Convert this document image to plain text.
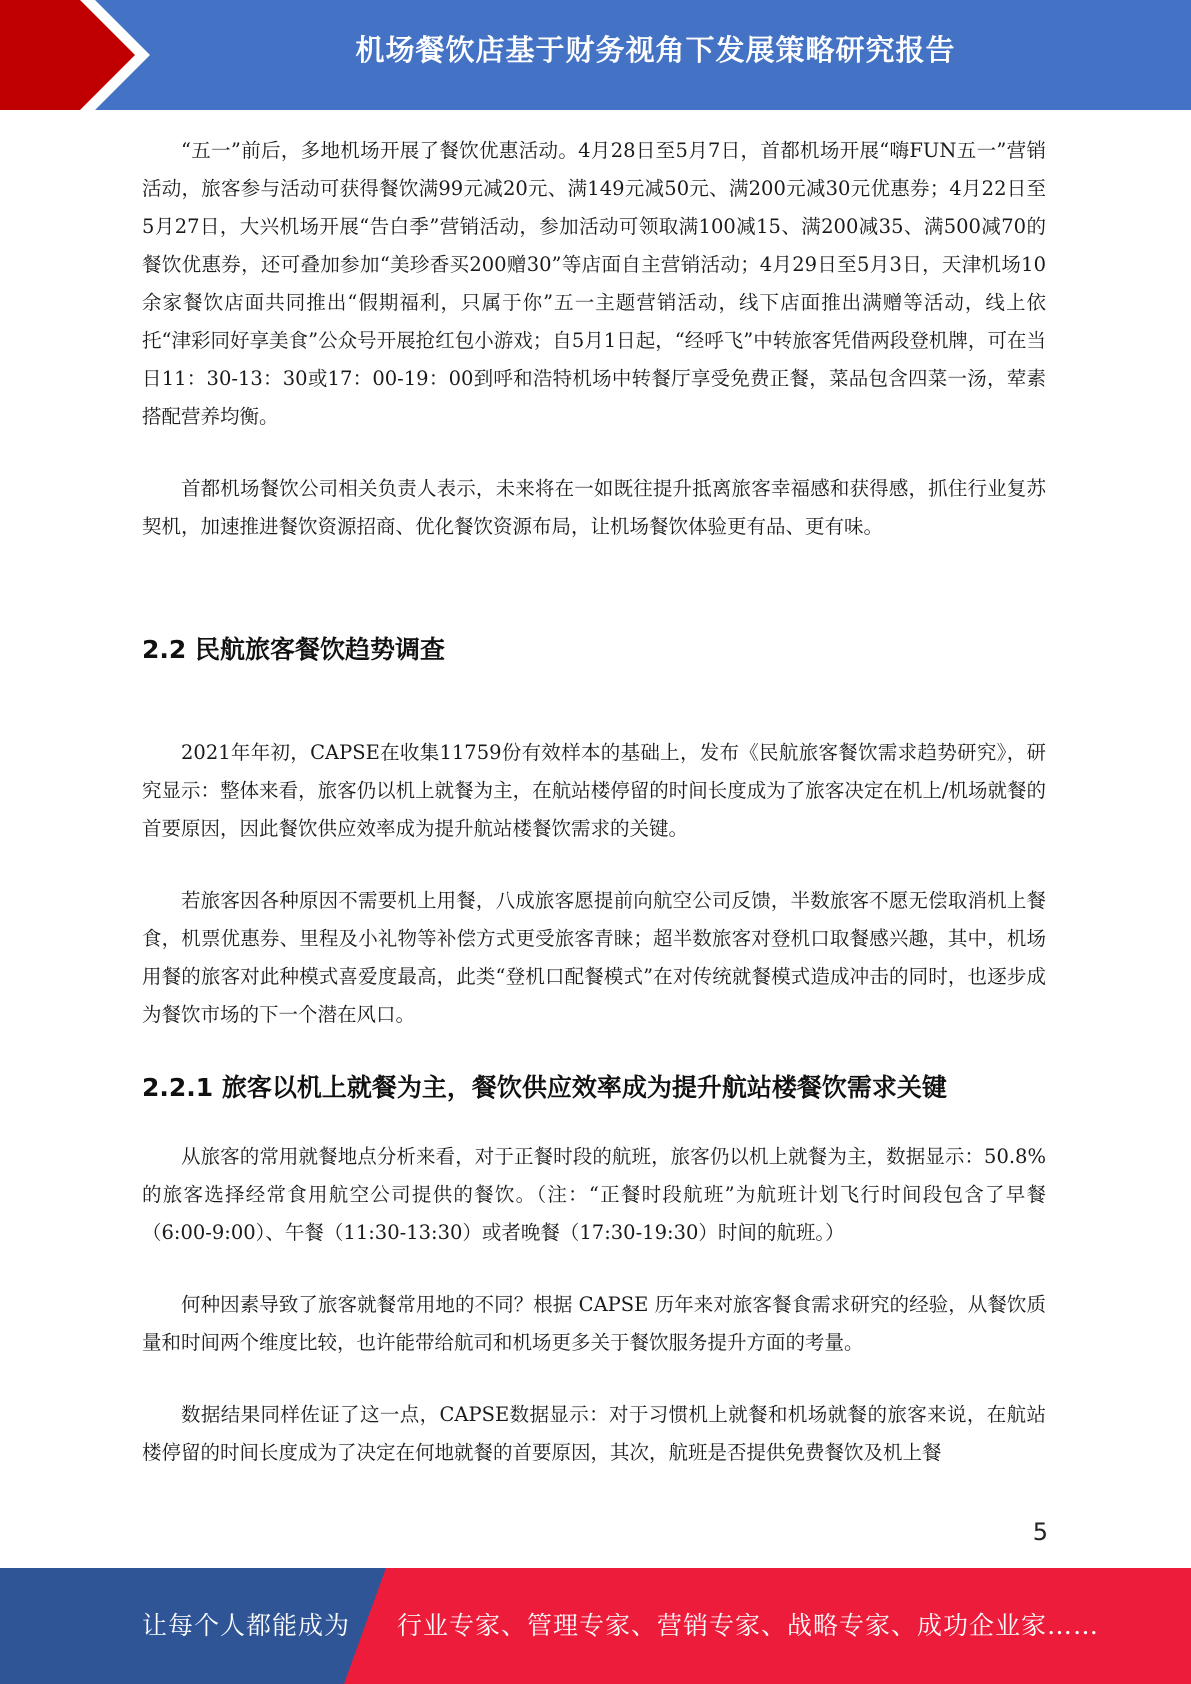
机场餐饮店基于财务视角下发展策略研究报告

“五一”前后，多地机场开展了餐饮优惠活动。4月28日至5月7日，首都机场开展“嗨FUN五一”营销活动，旅客参与活动可获得餐饮满99元减20元、满149元减50元、满200元减30元优惠券；4月22日至5月27日，大兴机场开展“告白季”营销活动，参加活动可领取满100减15、满200减35、满500减70的餐饮优惠券，还可叠加参加“美珍香买200赠30”等店面自主营销活动；4月29日至5月3日，天津机场10余家餐饮店面共同推出“假期福利，只属于你”五一主题营销活动，线下店面推出满赠等活动，线上依托“津彩同好享美食”公众号开展抢红包小游戏；自5月1日起，“经呼飞”中转旅客凭借两段登机牌，可在当日11：30-13：30或17：00-19：00到呼和浩特机场中转餐厅享受免费正餐，菜品包含四菜一汤，荤素搭配营养均衡。

首都机场餐饮公司相关负责人表示，未来将在一如既往提升抵离旅客幸福感和获得感，抓住行业复苏契机，加速推进餐饮资源招商、优化餐饮资源布局，让机场餐饮体验更有品、更有味。

2.2 民航旅客餐饮趋势调查

2021年年初，CAPSE在收集11759份有效样本的基础上，发布《民航旅客餐饮需求趋势研究》，研究显示：整体来看，旅客仍以机上就餐为主，在航站楼停留的时间长度成为了旅客决定在机上/机场就餐的首要原因，因此餐饮供应效率成为提升航站楼餐饮需求的关键。

若旅客因各种原因不需要机上用餐，八成旅客愿提前向航空公司反馈，半数旅客不愿无偿取消机上餐食，机票优惠券、里程及小礼物等补偿方式更受旅客青睐；超半数旅客对登机口取餐感兴趣，其中，机场用餐的旅客对此种模式喜爱度最高，此类“登机口配餐模式”在对传统就餐模式造成冲击的同时，也逐步成为餐饮市场的下一个潜在风口。

2.2.1 旅客以机上就餐为主，餐饮供应效率成为提升航站楼餐饮需求关键

从旅客的常用就餐地点分析来看，对于正餐时段的航班，旅客仍以机上就餐为主，数据显示：50.8%的旅客选择经常食用航空公司提供的餐饮。（注：“正餐时段航班”为航班计划飞行时间段包含了早餐（6:00-9:00）、午餐（11:30-13:30）或者晚餐（17:30-19:30）时间的航班。）

何种因素导致了旅客就餐常用地的不同？根据 CAPSE 历年来对旅客餐食需求研究的经验，从餐饮质量和时间两个维度比较，也许能带给航司和机场更多关于餐饮服务提升方面的考量。

数据结果同样佐证了这一点，CAPSE数据显示：对于习惯机上就餐和机场就餐的旅客来说，在航站楼停留的时间长度成为了决定在何地就餐的首要原因，其次，航班是否提供免费餐饮及机上餐

5
让每个人都能成为 行业专家、管理专家、营销专家、战略专家、成功企业家……
